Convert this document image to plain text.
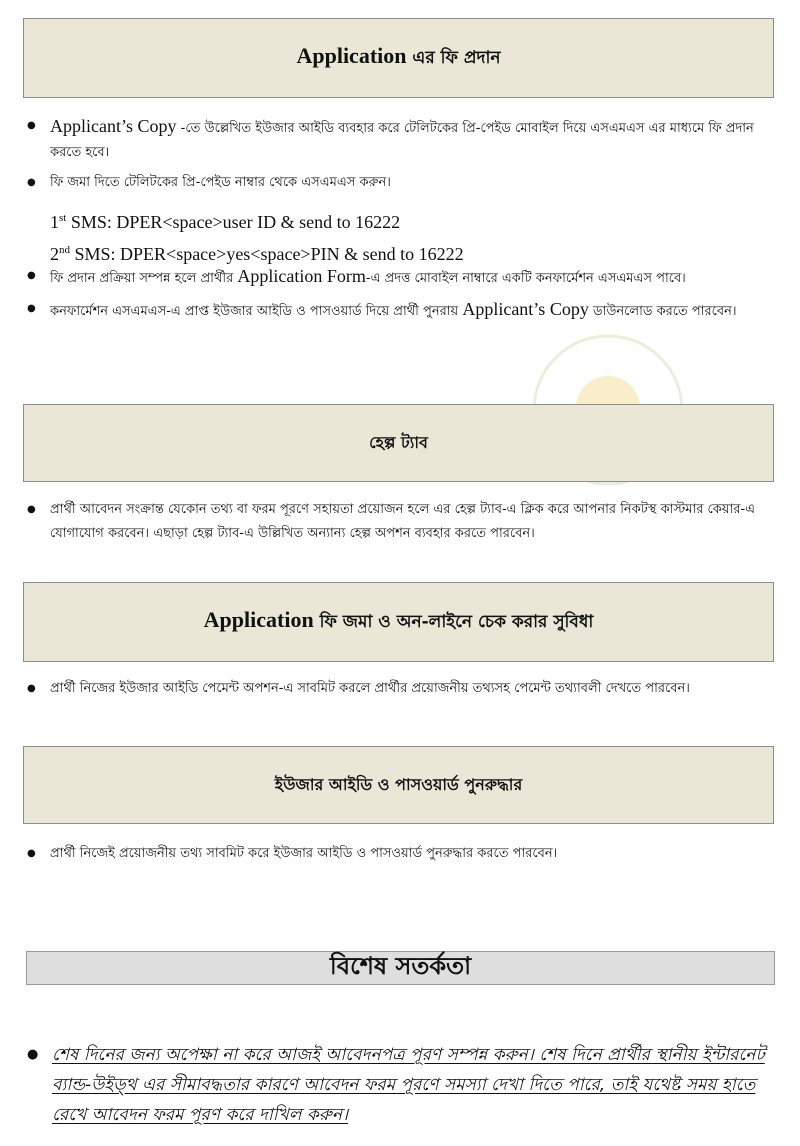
Application এর ফি প্রদান
● Applicant’s Copy -তে উল্লেখিত ইউজার আইডি ব্যবহার করে টেলিটকের প্রি-পেইড মোবাইল দিয়ে এসএমএস এর মাধ্যমে ফি প্রদান করতে হবে।
● ফি জমা দিতে টেলিটকের প্রি-পেইড নাম্বার থেকে এসএমএস করুন।
1st SMS: DPER<space>user ID & send to 16222
2nd SMS: DPER<space>yes<space>PIN & send to 16222
● ফি প্রদান প্রক্রিয়া সম্পন্ন হলে প্রার্থীর Application Form-এ প্রদত্ত মোবাইল নাম্বারে একটি কনফার্মেশন এসএমএস পাবে।
● কনফার্মেশন এসএমএস-এ প্রাপ্ত ইউজার আইডি ও পাসওয়ার্ড দিয়ে প্রার্থী পুনরায় Applicant’s Copy ডাউনলোড করতে পারবেন।
হেল্প ট্যাব
● প্রার্থী আবেদন সংক্রান্ত যেকোন তথ্য বা ফরম পূরণে সহায়তা প্রয়োজন হলে এর হেল্প ট্যাব-এ ক্লিক করে আপনার নিকটস্থ কাস্টমার কেয়ার-এ যোগাযোগ করবেন। এছাড়া হেল্প ট্যাব-এ উল্লিখিত অন্যান্য হেল্প অপশন ব্যবহার করতে পারবেন।
Application ফি জমা ও অন-লাইনে চেক করার সুবিধা
● প্রার্থী নিজের ইউজার আইডি পেমেন্ট অপশন-এ সাবমিট করলে প্রার্থীর প্রয়োজনীয় তথ্যসহ পেমেন্ট তথ্যাবলী দেখতে পারবেন।
ইউজার আইডি ও পাসওয়ার্ড পুনরুদ্ধার
● প্রার্থী নিজেই প্রয়োজনীয় তথ্য সাবমিট করে ইউজার আইডি ও পাসওয়ার্ড পুনরুদ্ধার করতে পারবেন।
বিশেষ সতর্কতা
● শেষ দিনের জন্য অপেক্ষা না করে আজই আবেদনপত্র পূরণ সম্পন্ন করুন। শেষ দিনে প্রার্থীর স্থানীয় ইন্টারনেট ব্যান্ড-উইড্থ এর সীমাবদ্ধতার কারণে আবেদন ফরম পূরণে সমস্যা দেখা দিতে পারে, তাই যথেষ্ট সময় হাতে রেখে আবেদন ফরম পূরণ করে দাখিল করুন।
